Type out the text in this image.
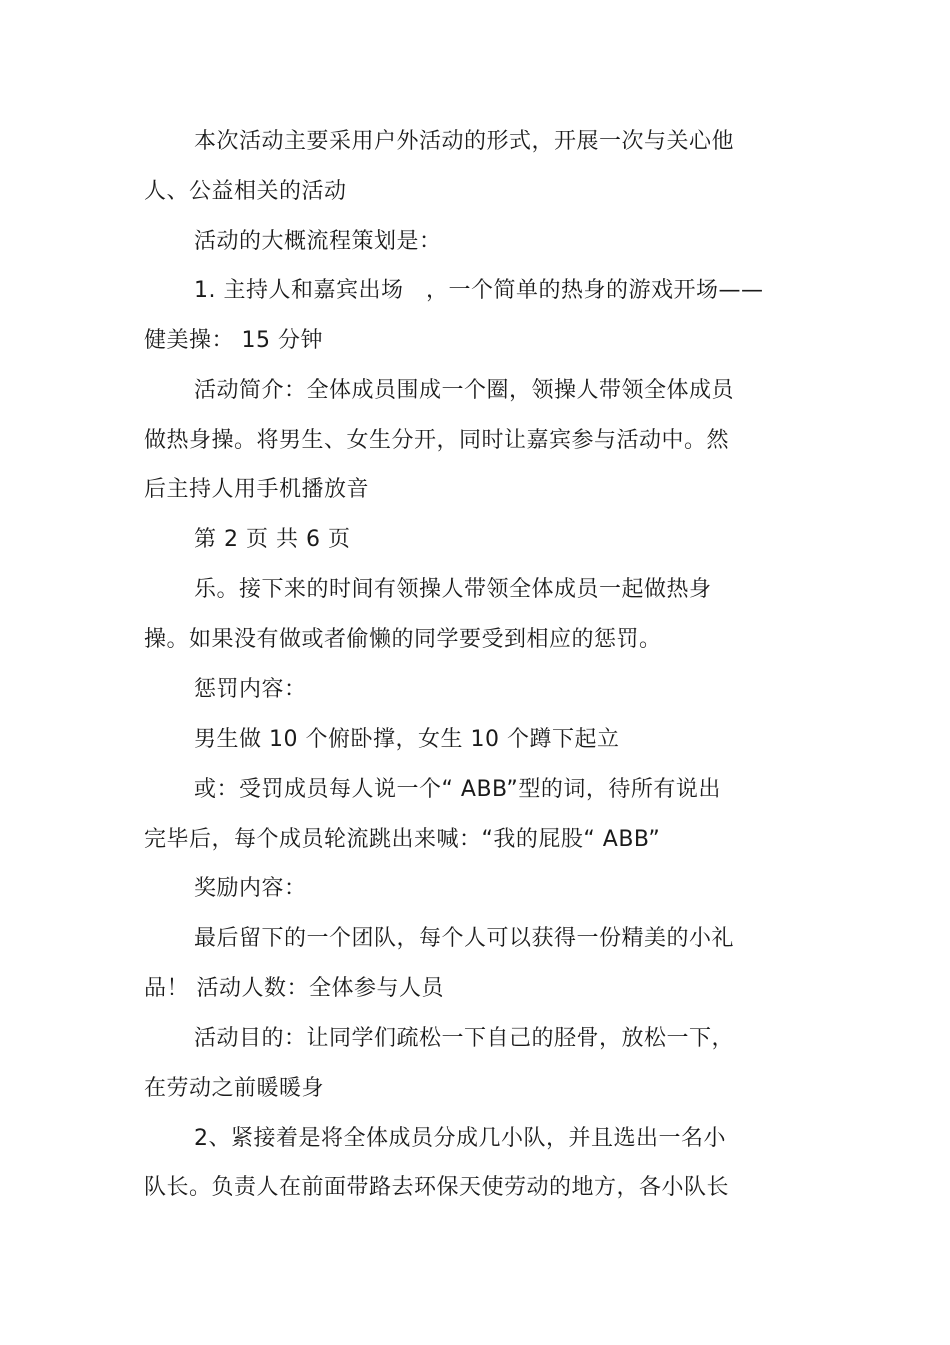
本次活动主要采用户外活动的形式，开展一次与关心他
人、公益相关的活动
活动的大概流程策划是：
1. 主持人和嘉宾出场　，一个简单的热身的游戏开场——
健美操： 15 分钟
活动简介：全体成员围成一个圈，领操人带领全体成员
做热身操。将男生、女生分开，同时让嘉宾参与活动中。然
后主持人用手机播放音
第 2 页 共 6 页
乐。接下来的时间有领操人带领全体成员一起做热身
操。如果没有做或者偷懒的同学要受到相应的惩罚。
惩罚内容：
男生做 10 个俯卧撑，女生 10 个蹲下起立
或：受罚成员每人说一个“ ABB”型的词，待所有说出
完毕后，每个成员轮流跳出来喊：“我的屁股“ ABB”
奖励内容：
最后留下的一个团队，每个人可以获得一份精美的小礼
品！ 活动人数：全体参与人员
活动目的：让同学们疏松一下自己的胫骨，放松一下，
在劳动之前暖暖身
2、紧接着是将全体成员分成几小队，并且选出一名小
队长。负责人在前面带路去环保天使劳动的地方，各小队长
